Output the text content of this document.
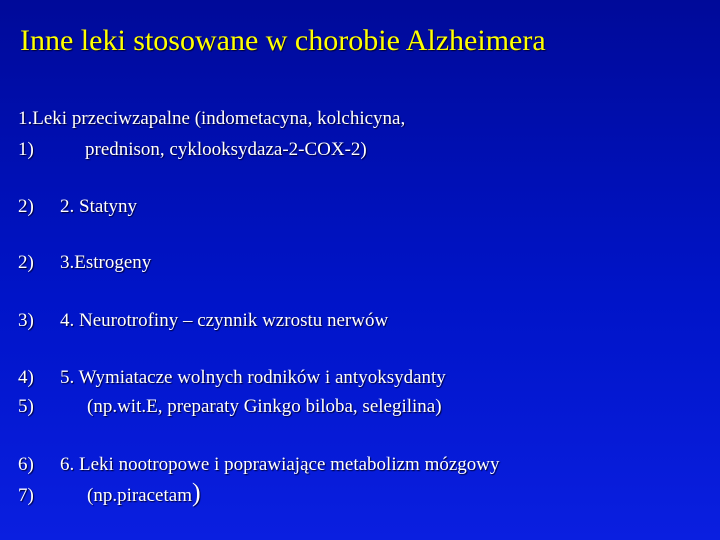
Inne leki stosowane w chorobie Alzheimera
1.Leki przeciwzapalne (indometacyna, kolchicyna,
1)	prednison, cyklooksydaza-2-COX-2)
2) 2. Statyny
2) 3.Estrogeny
3) 4. Neurotrofiny – czynnik wzrostu nerwów
4) 5. Wymiatacze wolnych rodników i antyoksydanty
5)	(np.wit.E, preparaty Ginkgo biloba, selegilina)
6) 6. Leki nootropowe i poprawiające metabolizm mózgowy
7)	(np.piracetam)
